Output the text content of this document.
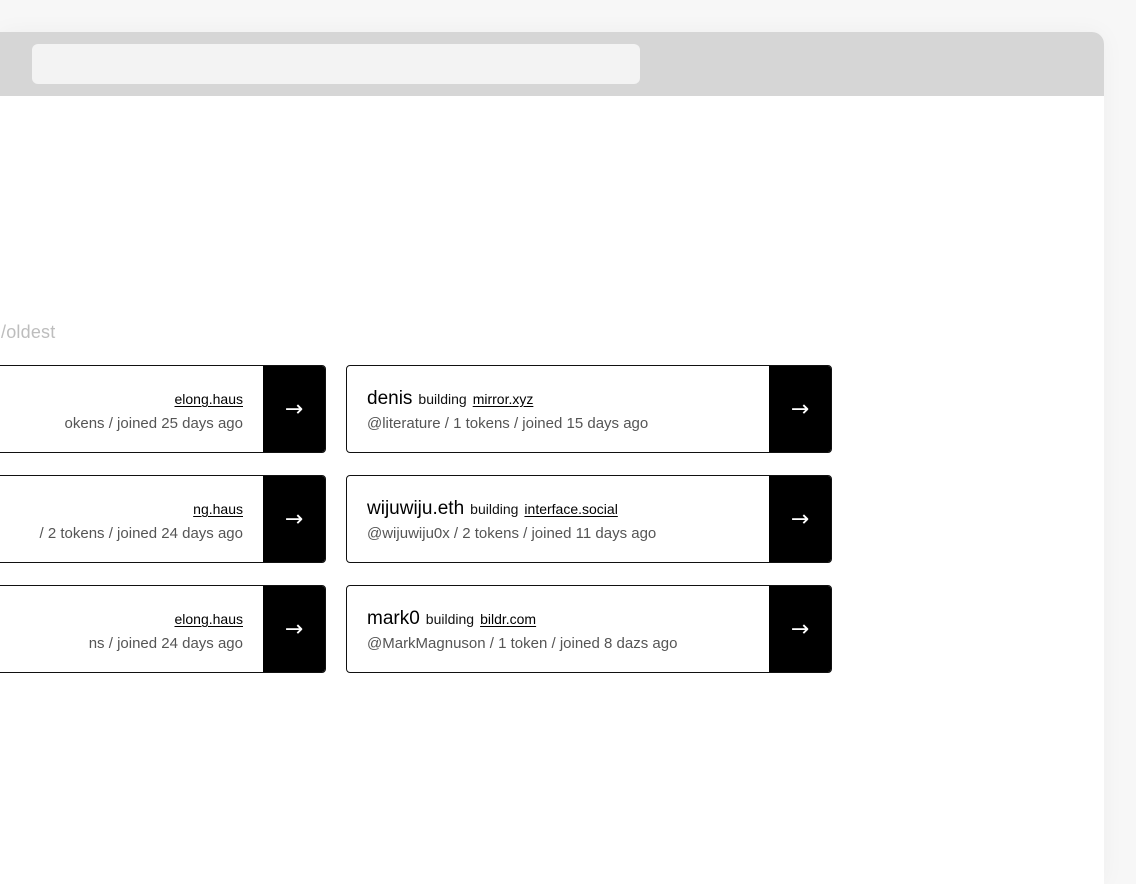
/oldest
elong.haus
okens / joined 25 days ago
→
ng.haus
/ 2 tokens / joined 24 days ago
→
elong.haus
ns / joined 24 days ago
→
denis building mirror.xyz
@literature / 1 tokens / joined 15 days ago
→
wijuwiju.eth building interface.social
@wijuwiju0x / 2 tokens / joined 11 days ago
→
mark0 building bildr.com
@MarkMagnuson / 1 token / joined 8 dazs ago
→
